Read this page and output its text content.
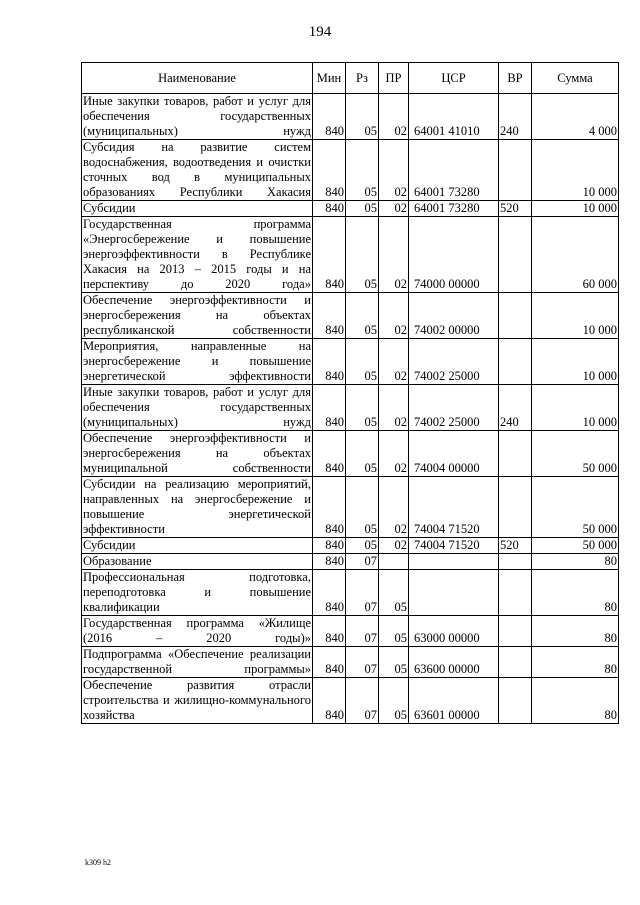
194
Наименование	Мин	Рз	ПР	ЦСР	ВР	Сумма
Иные закупки товаров, работ и услуг для обеспечения государственных (муниципальных) нужд	840	05	02	64001 41010	240	4 000
Субсидия на развитие систем водоснабжения, водоотведения и очистки сточных вод в муниципальных образованиях Республики Хакасия	840	05	02	64001 73280		10 000
Субсидии	840	05	02	64001 73280	520	10 000
Государственная программа «Энергосбережение и повышение энергоэффективности в Республике Хакасия на 2013 – 2015 годы и на перспективу до 2020 года»	840	05	02	74000 00000		60 000
Обеспечение энергоэффективности и энергосбережения на объектах республиканской собственности	840	05	02	74002 00000		10 000
Мероприятия, направленные на энергосбережение и повышение энергетической эффективности	840	05	02	74002 25000		10 000
Иные закупки товаров, работ и услуг для обеспечения государственных (муниципальных) нужд	840	05	02	74002 25000	240	10 000
Обеспечение энергоэффективности и энергосбережения на объектах муниципальной собственности	840	05	02	74004 00000		50 000
Субсидии на реализацию мероприятий, направленных на энергосбережение и повышение энергетической эффективности	840	05	02	74004 71520		50 000
Субсидии	840	05	02	74004 71520	520	50 000
Образование	840	07				80
Профессиональная подготовка, переподготовка и повышение квалификации	840	07	05			80
Государственная программа «Жилище (2016 – 2020 годы)»	840	07	05	63000 00000		80
Подпрограмма «Обеспечение реализации государственной программы»	840	07	05	63600 00000		80
Обеспечение развития отрасли строительства и жилищно-коммунального хозяйства	840	07	05	63601 00000		80
k309 h2
